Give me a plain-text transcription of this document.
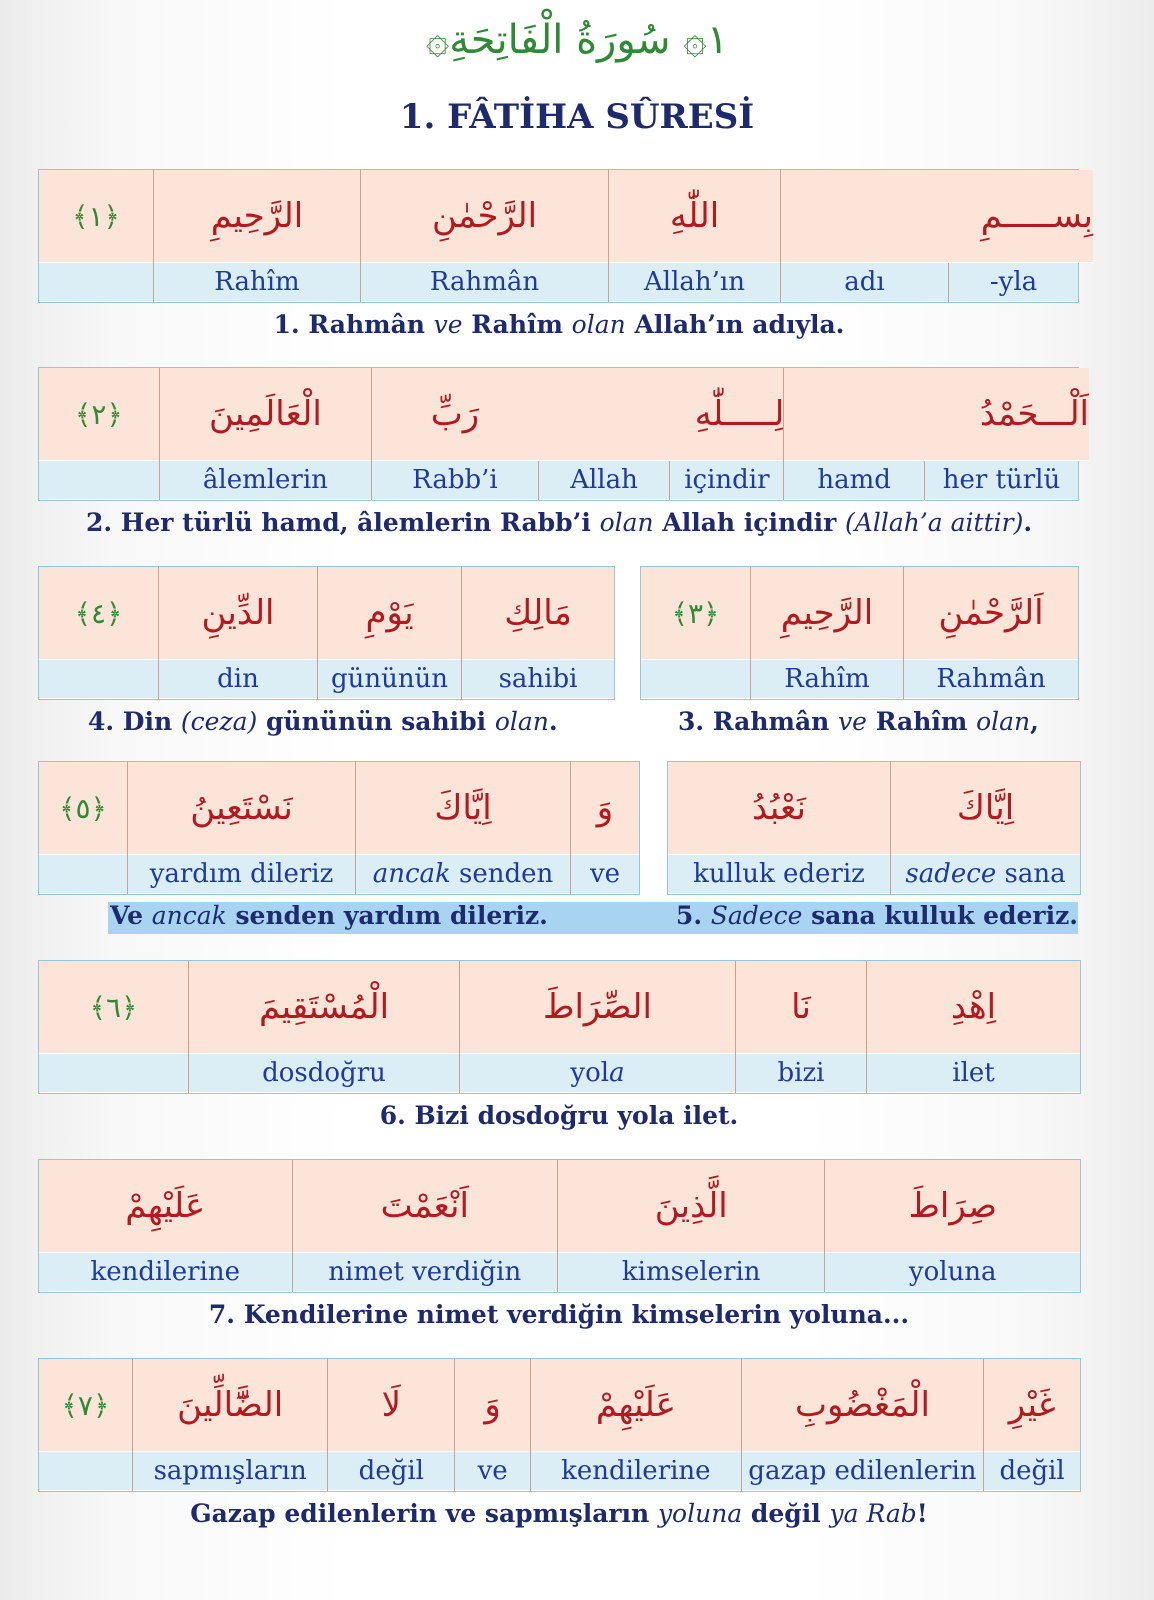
۞١۞ سُورَةُ الْفَاتِحَةِ
1. FÂTİHA SÛRESİ
بِســـــمِ
-yla
adı
اللّٰهِ
Allah’ın
الرَّحْمٰنِ
Rahmân
الرَّحِيمِ
Rahîm
﴿١﴾
1. Rahmân ve Rahîm olan Allah’ın adıyla.
اَلْـــحَمْدُ
her türlü
hamd
لِـــــلّٰهِ
içindir
Allah
رَبِّ
Rabb’i
الْعَالَمِينَ
âlemlerin
﴿٢﴾
2. Her türlü hamd, âlemlerin Rabb’i olan Allah içindir (Allah’a aittir).
مَالِكِ
sahibi
يَوْمِ
gününün
الدِّينِ
din
﴿٤﴾
4. Din (ceza) gününün sahibi olan.
اَلرَّحْمٰنِ
Rahmân
الرَّحِيمِ
Rahîm
﴿٣﴾
3. Rahmân ve Rahîm olan,
وَ
ve
اِيَّاكَ
ancak senden
نَسْتَعِينُ
yardım dileriz
﴿٥﴾	اِيَّاكَ
sadece sana
نَعْبُدُ
kulluk ederiz
Ve ancak senden yardım dileriz.	5. Sadece sana kulluk ederiz.
اِهْدِ
ilet
نَا
bizi
الصِّرَاطَ
yol a
الْمُسْتَقِيمَ
dosdoğru
﴿٦﴾
6. Bizi dosdoğru yola ilet.
صِرَاطَ
yoluna
الَّذِينَ
kimselerin
اَنْعَمْتَ
nimet verdiğin
عَلَيْهِمْ
kendilerine
7. Kendilerine nimet verdiğin kimselerin yoluna...
غَيْرِ
değil
الْمَغْضُوبِ
gazap edilenlerin
عَلَيْهِمْ
kendilerine
وَ
ve
لَا
değil
الضَّٓالِّينَ
sapmışların
﴿٧﴾
Gazap edilenlerin ve sapmışların yoluna değil ya Rab!
